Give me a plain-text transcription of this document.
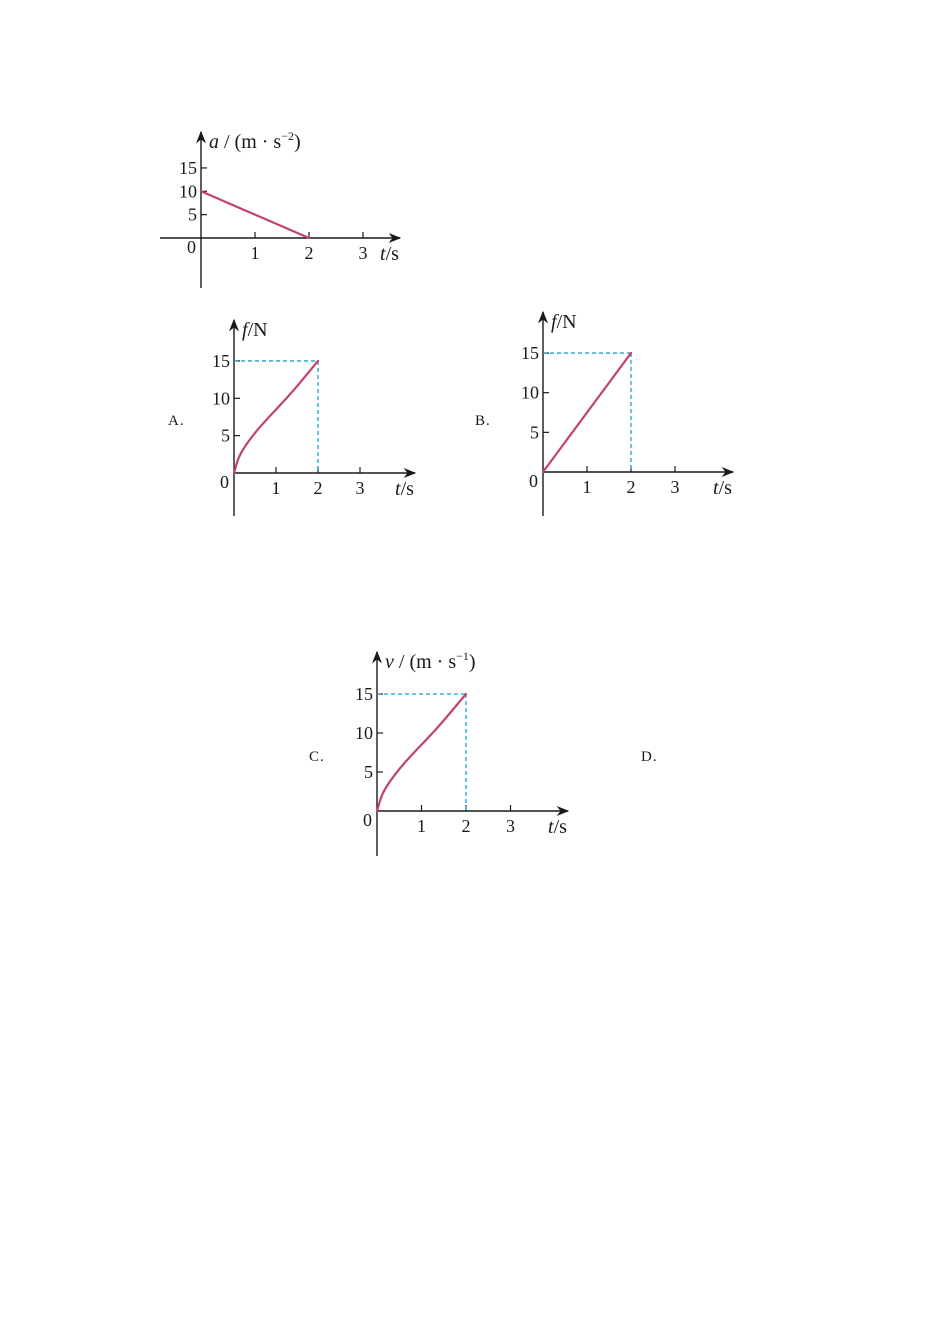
A.	B.
C.	D.
1	2	3
5
10
15
0	t/s
$a / (m \cdot s^{-2})$
1 2 3
5
10
15
0	t/s
f/N
1 2 3
5
10
15
0	t/s
f/N
1 2 3
5
10
15
0	t/s
$v / (m \cdot s^{-1})$
